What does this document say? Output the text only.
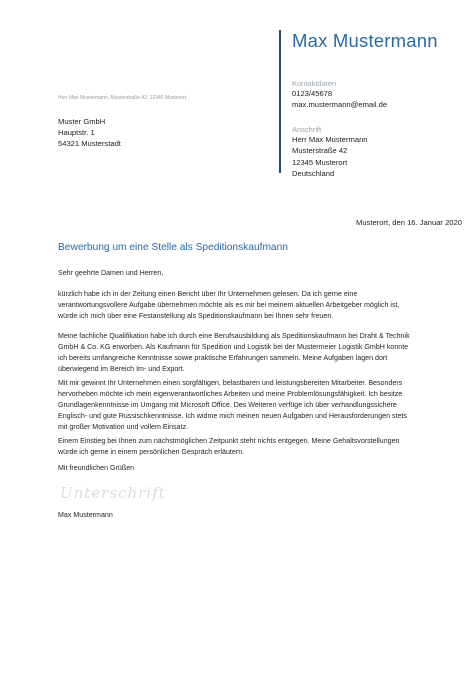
Max Mustermann
Kontaktdaten
0123/45678
max.mustermann@email.de
Anschrift
Herr Max Mustermann
Musterstraße 42
12345 Musterort
Deutschland
Herr Max Mustermann, Musterstraße 42, 12345 Musterort
Muster GmbH
Hauptstr. 1
54321 Musterstadt
Musterort, den 16. Januar 2020
Bewerbung um eine Stelle als Speditionskaufmann
Sehr geehrte Damen und Herren,
kürzlich habe ich in der Zeitung einen Bericht über Ihr Unternehmen gelesen. Da ich gerne eine
verantwortungsvollere Aufgabe übernehmen möchte als es mir bei meinem aktuellen Arbeitgeber möglich ist,
würde ich mich über eine Festanstellung als Speditionskaufmann bei Ihnen sehr freuen.
Meine fachliche Qualifikation habe ich durch eine Berufsausbildung als Speditionskaufmann bei Draht & Technik
GmbH & Co. KG erworben. Als Kaufmann für Spedition und Logistik bei der Mustermeier Logistik GmbH konnte
ich bereits umfangreiche Kenntnisse sowie praktische Erfahrungen sammeln. Meine Aufgaben lagen dort
überwiegend im Bereich Im- und Export.
Mit mir gewinnt Ihr Unternehmen einen sorgfältigen, belastbaren und leistungsbereiten Mitarbeiter. Besonders
hervorheben möchte ich mein eigenverantwortliches Arbeiten und meine Problemlösungsfähigkeit. Ich besitze
Grundlagenkenntnisse im Umgang mit Microsoft Office. Des Weiteren verfüge ich über verhandlungssichere
Englisch- und gute Russischkenntnisse. Ich widme mich meinen neuen Aufgaben und Herausforderungen stets
mit großer Motivation und vollem Einsatz.
Einem Einstieg bei Ihnen zum nächstmöglichen Zeitpunkt steht nichts entgegen. Meine Gehaltsvorstellungen
würde ich gerne in einem persönlichen Gespräch erläutern.
Mit freundlichen Grüßen
Unterschrift
Max Mustermann
